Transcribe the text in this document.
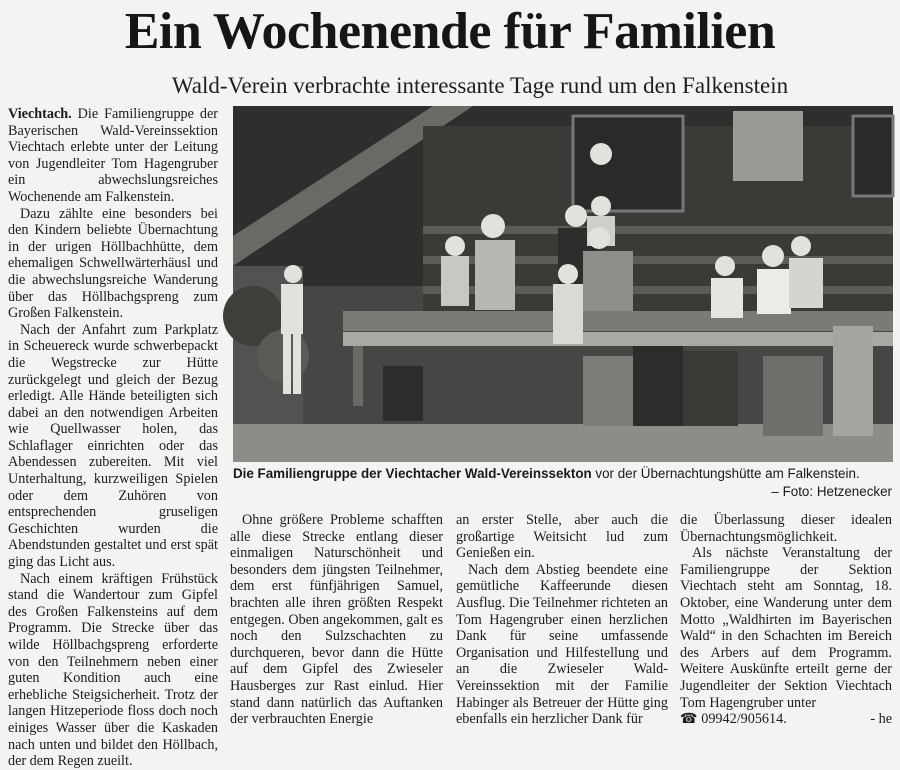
Ein Wochenende für Familien
Wald-Verein verbrachte interessante Tage rund um den Falkenstein

Viechtach. Die Familiengruppe der Bayerischen Wald-Vereinssektion Viechtach erlebte unter der Leitung von Jugendleiter Tom Hagengruber ein abwechslungsreiches Wochenende am Falkenstein.

Dazu zählte eine besonders bei den Kindern beliebte Übernachtung in der urigen Höllbachhütte, dem ehemaligen Schwellwärterhäusl und die abwechslungsreiche Wanderung über das Höllbachgspreng zum Großen Falkenstein.

Nach der Anfahrt zum Parkplatz in Scheuereck wurde schwerbepackt die Wegstrecke zur Hütte zurückgelegt und gleich der Bezug erledigt. Alle Hände beteiligten sich dabei an den notwendigen Arbeiten wie Quellwasser holen, das Schlaflager einrichten oder das Abendessen zubereiten. Mit viel Unterhaltung, kurzweiligen Spielen oder dem Zuhören von entsprechenden gruseligen Geschichten wurden die Abendstunden gestaltet und erst spät ging das Licht aus.

Nach einem kräftigen Frühstück stand die Wandertour zum Gipfel des Großen Falkensteins auf dem Programm. Die Strecke über das wilde Höllbachgspreng erforderte von den Teilnehmern neben einer guten Kondition auch eine erhebliche Steigsicherheit. Trotz der langen Hitzeperiode floss doch noch einiges Wasser über die Kaskaden nach unten und bildet den Höllbach, der dem Regen zueilt.

Die Familiengruppe der Viechtacher Wald-Vereinssekton vor der Übernachtungshütte am Falkenstein.
– Foto: Hetzenecker

Ohne größere Probleme schafften alle diese Strecke entlang dieser einmaligen Naturschönheit und besonders dem jüngsten Teilnehmer, dem erst fünfjährigen Samuel, brachten alle ihren größten Respekt entgegen. Oben angekommen, galt es noch den Sulzschachten zu durchqueren, bevor dann die Hütte auf dem Gipfel des Zwieseler Hausberges zur Rast einlud. Hier stand dann natürlich das Auftanken der verbrauchten Energie

an erster Stelle, aber auch die großartige Weitsicht lud zum Genießen ein.

Nach dem Abstieg beendete eine gemütliche Kaffeerunde diesen Ausflug. Die Teilnehmer richteten an Tom Hagengruber einen herzlichen Dank für seine umfassende Organisation und Hilfestellung und an die Zwieseler Wald-Vereinssektion mit der Familie Habinger als Betreuer der Hütte ging ebenfalls ein herzlicher Dank für

die Überlassung dieser idealen Übernachtungsmöglichkeit.

Als nächste Veranstaltung der Familiengruppe der Sektion Viechtach steht am Sonntag, 18. Oktober, eine Wanderung unter dem Motto „Waldhirten im Bayerischen Wald“ in den Schachten im Bereich des Arbers auf dem Programm. Weitere Auskünfte erteilt gerne der Jugendleiter der Sektion Viechtach Tom Hagengruber unter

☎ 09942/905614.	- he
